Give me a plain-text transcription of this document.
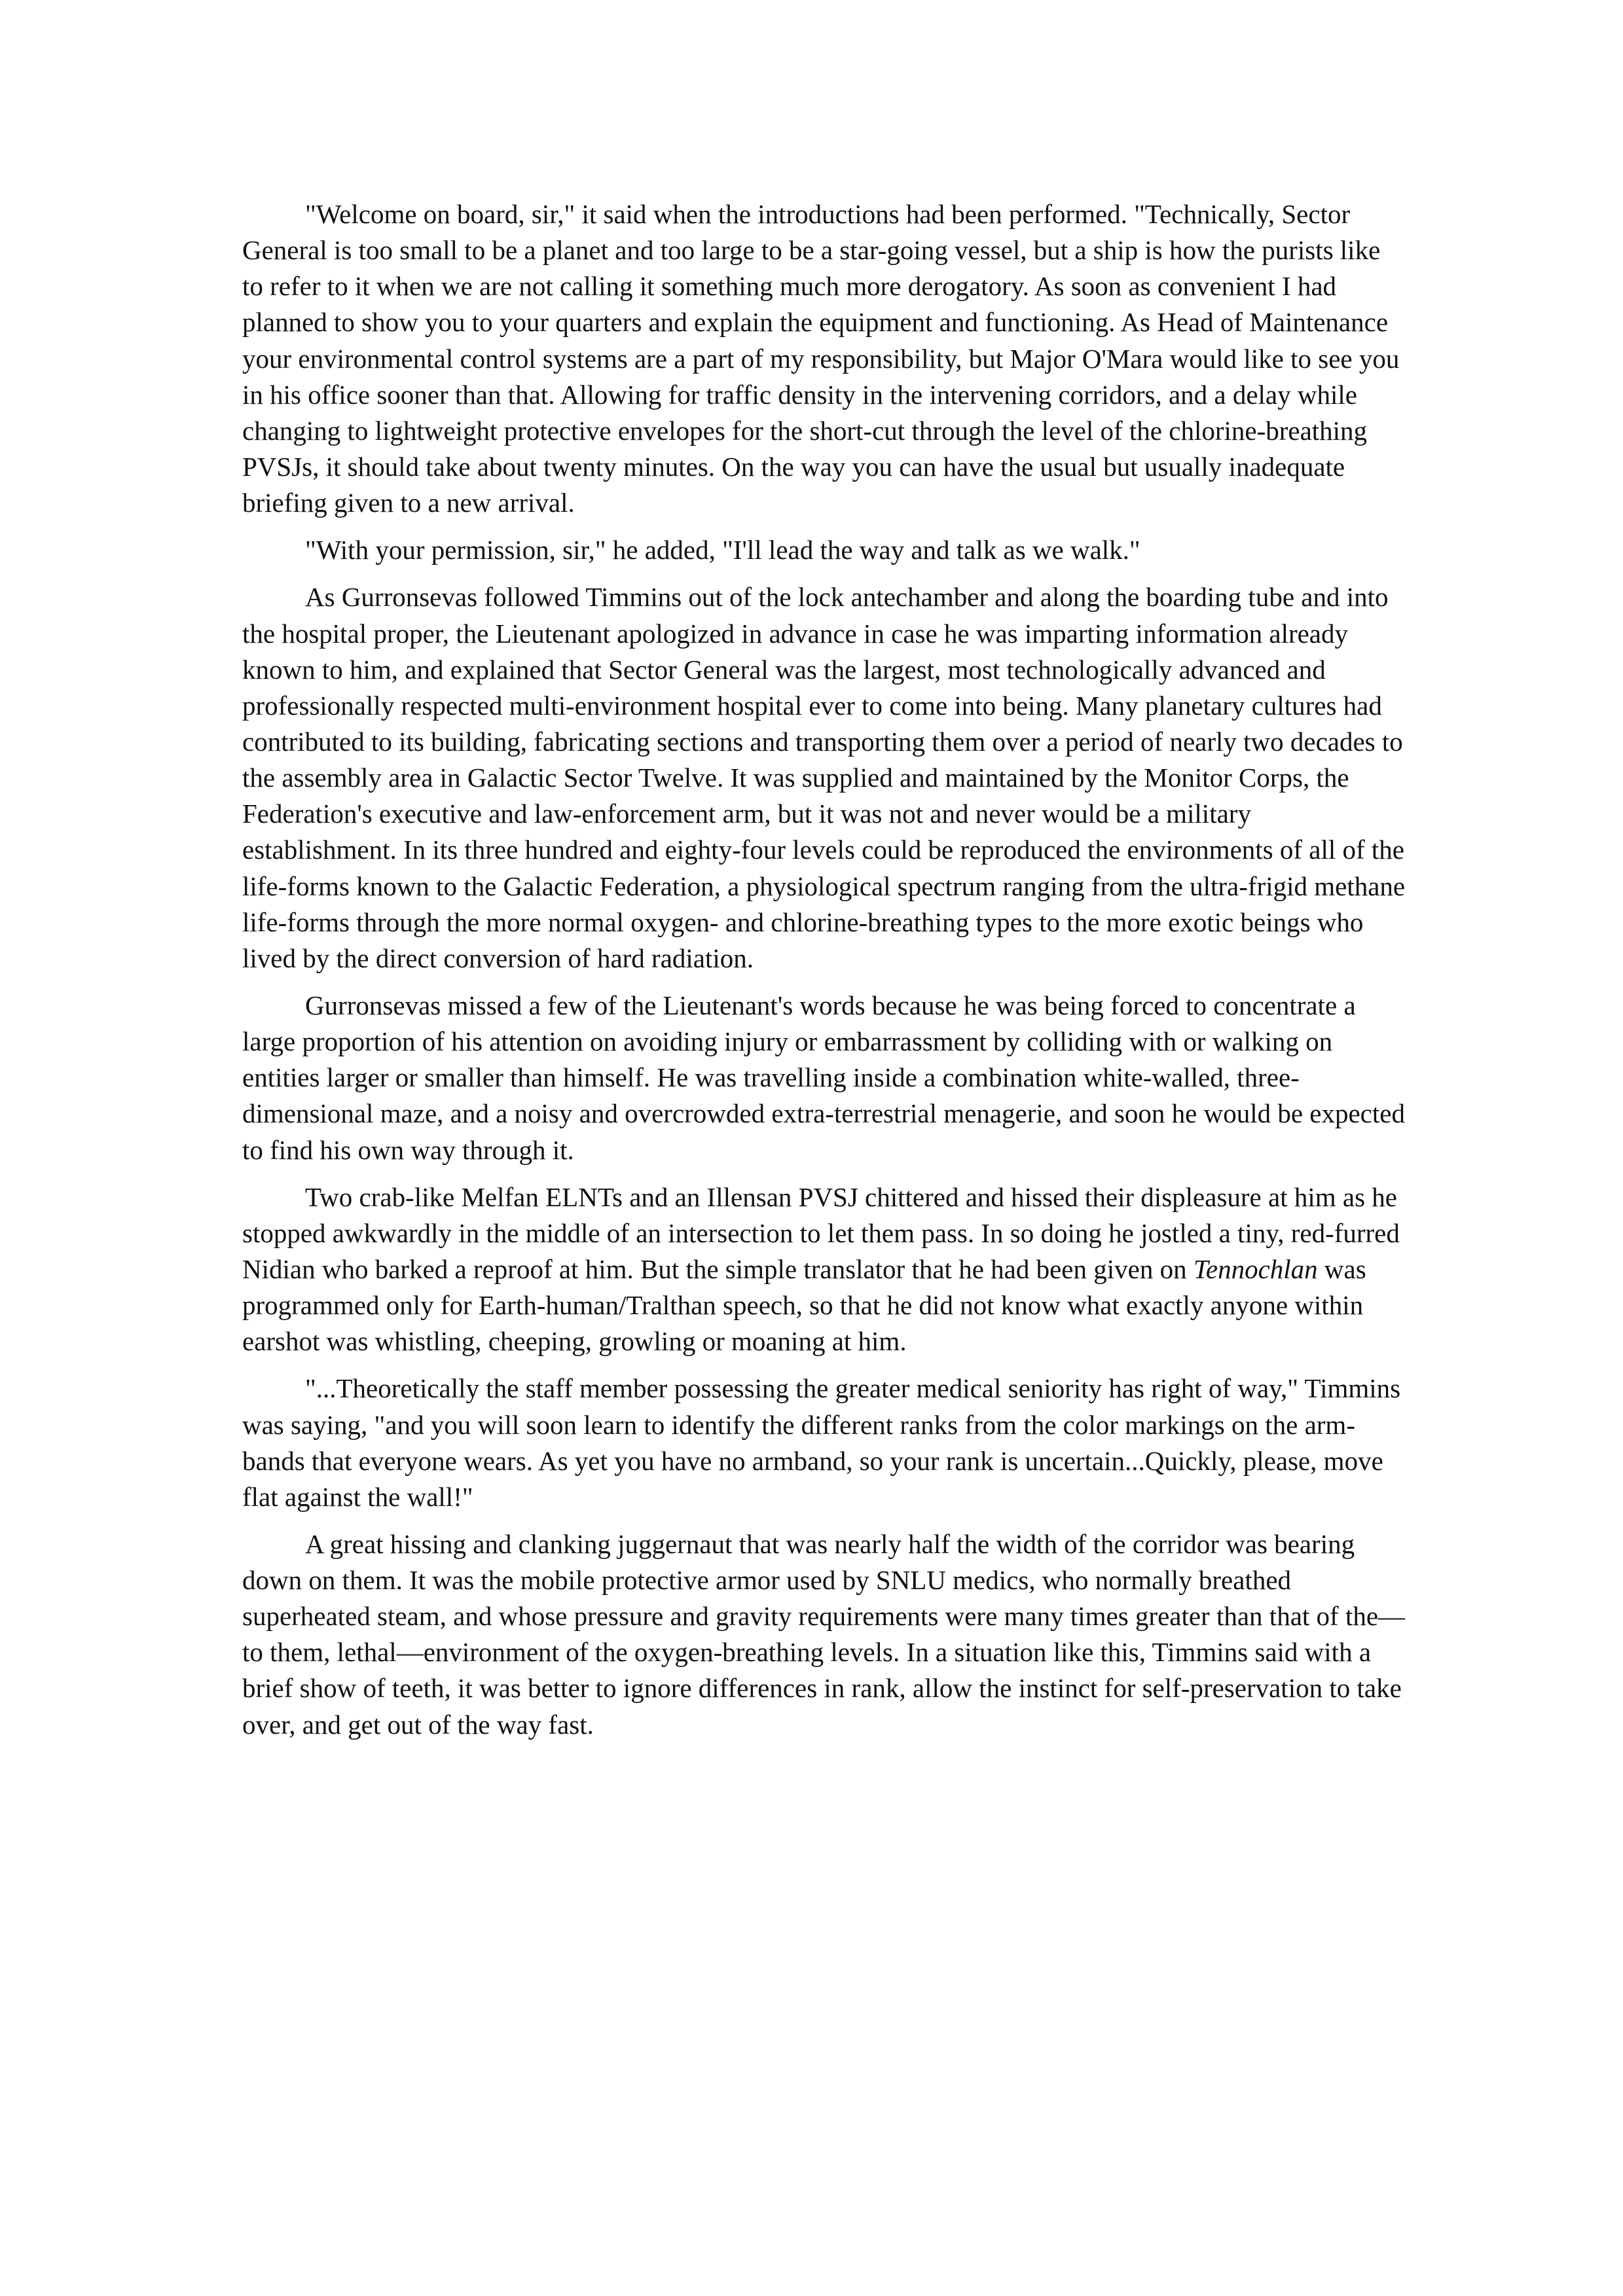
"Welcome on board, sir," it said when the introductions had been performed. "Technically, Sector General is too small to be a planet and too large to be a star-going vessel, but a ship is how the purists like to refer to it when we are not calling it something much more derogatory. As soon as convenient I had planned to show you to your quarters and explain the equipment and functioning. As Head of Maintenance your environmental control systems are a part of my responsibility, but Major O'Mara would like to see you in his office sooner than that. Allowing for traffic density in the intervening corridors, and a delay while changing to lightweight protective envelopes for the short-cut through the level of the chlorine-breathing PVSJs, it should take about twenty minutes. On the way you can have the usual but usually inadequate briefing given to a new arrival.

"With your permission, sir," he added, "I'll lead the way and talk as we walk."

As Gurronsevas followed Timmins out of the lock antechamber and along the boarding tube and into the hospital proper, the Lieutenant apologized in advance in case he was imparting information already known to him, and explained that Sector General was the largest, most technologically advanced and professionally respected multi-environment hospital ever to come into being. Many planetary cultures had contributed to its building, fabricating sections and transporting them over a period of nearly two decades to the assembly area in Galactic Sector Twelve. It was supplied and maintained by the Monitor Corps, the Federation's executive and law-enforcement arm, but it was not and never would be a military establishment. In its three hundred and eighty-four levels could be reproduced the environments of all of the life-forms known to the Galactic Federation, a physiological spectrum ranging from the ultra-frigid methane life-forms through the more normal oxygen- and chlorine-breathing types to the more exotic beings who lived by the direct conversion of hard radiation.

Gurronsevas missed a few of the Lieutenant's words because he was being forced to concentrate a large proportion of his attention on avoiding injury or embarrassment by colliding with or walking on entities larger or smaller than himself. He was travelling inside a combination white-walled, three-dimensional maze, and a noisy and overcrowded extra-terrestrial menagerie, and soon he would be expected to find his own way through it.

Two crab-like Melfan ELNTs and an Illensan PVSJ chittered and hissed their displeasure at him as he stopped awkwardly in the middle of an intersection to let them pass. In so doing he jostled a tiny, red-furred Nidian who barked a reproof at him. But the simple translator that he had been given on Tennochlan was programmed only for Earth-human/Tralthan speech, so that he did not know what exactly anyone within earshot was whistling, cheeping, growling or moaning at him.

"...Theoretically the staff member possessing the greater medical seniority has right of way," Timmins was saying, "and you will soon learn to identify the different ranks from the color markings on the arm-bands that everyone wears. As yet you have no armband, so your rank is uncertain...Quickly, please, move flat against the wall!"

A great hissing and clanking juggernaut that was nearly half the width of the corridor was bearing down on them. It was the mobile protective armor used by SNLU medics, who normally breathed superheated steam, and whose pressure and gravity requirements were many times greater than that of the—to them, lethal—environment of the oxygen-breathing levels. In a situation like this, Timmins said with a brief show of teeth, it was better to ignore differences in rank, allow the instinct for self-preservation to take over, and get out of the way fast.
